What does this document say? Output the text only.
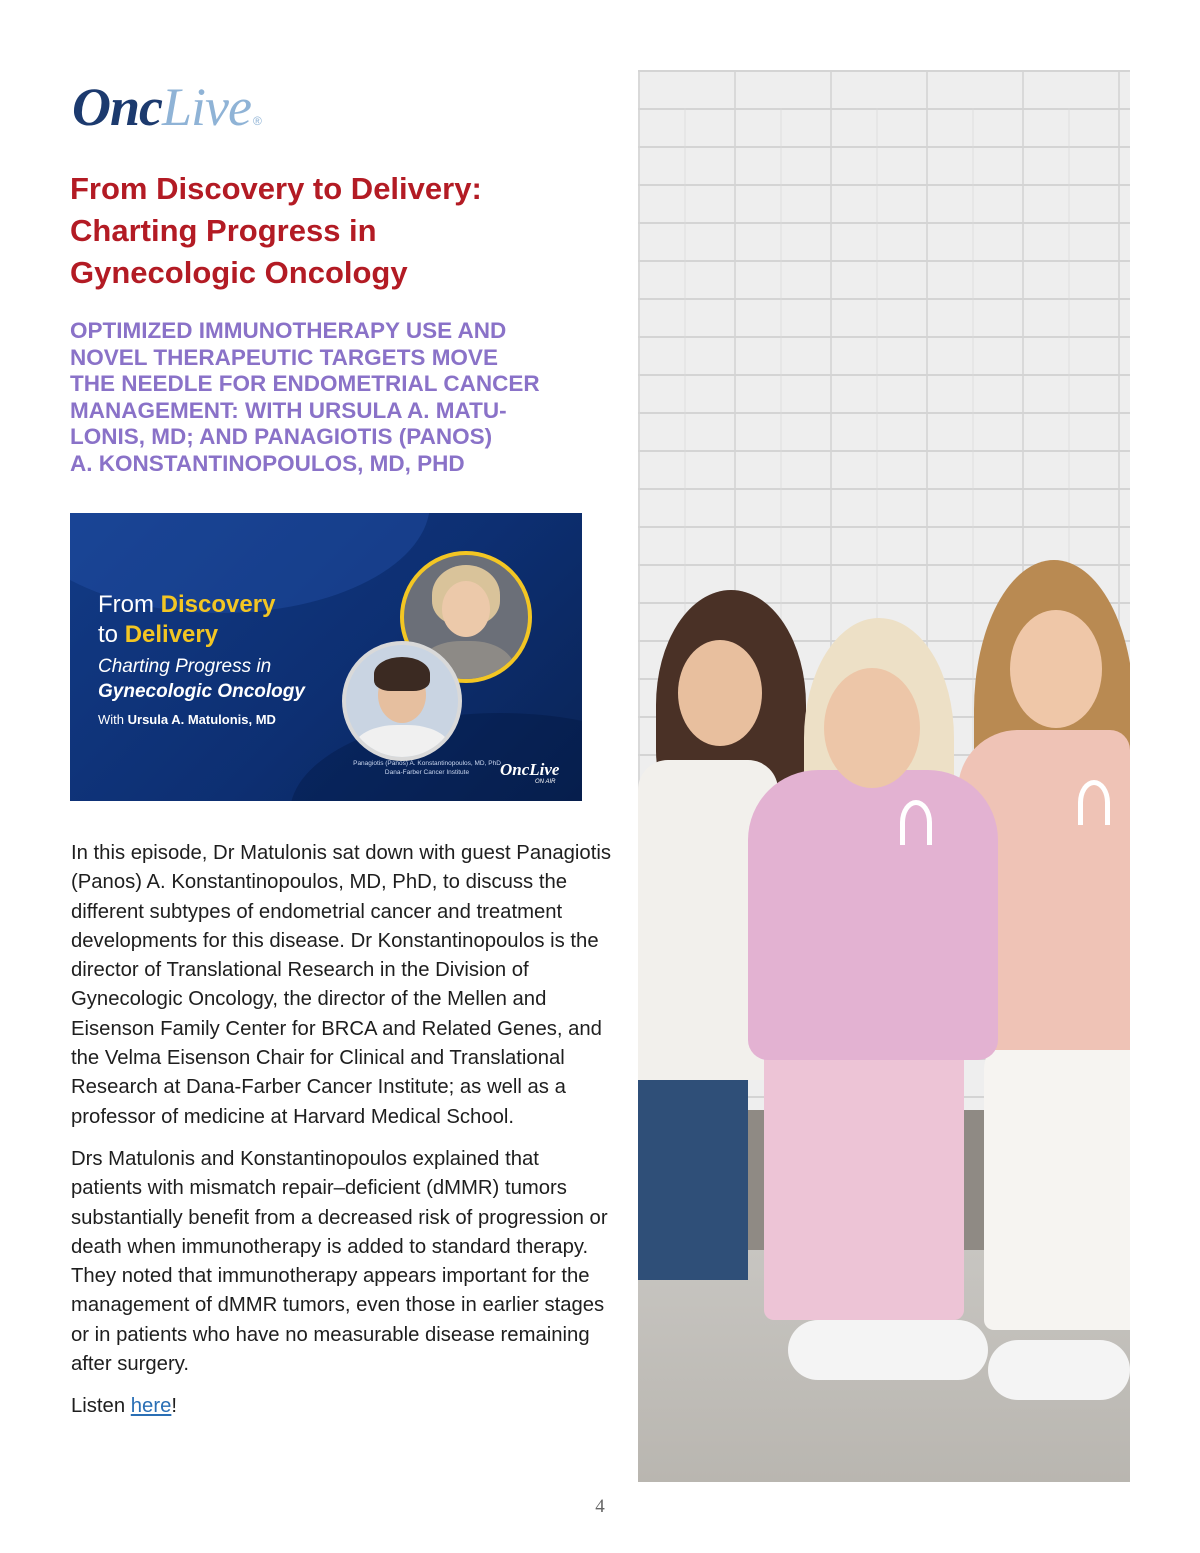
Onc Live ®
From Discovery to Delivery:
Charting Progress in
Gynecologic Oncology
OPTIMIZED IMMUNOTHERAPY USE AND
NOVEL THERAPEUTIC TARGETS MOVE
THE NEEDLE FOR ENDOMETRIAL CANCER
MANAGEMENT: WITH URSULA A. MATU-
LONIS, MD; AND PANAGIOTIS (PANOS)
A. KONSTANTINOPOULOS, MD, PHD
From Discovery
to Delivery
Charting Progress in
Gynecologic Oncology
With Ursula A. Matulonis, MD
Panagiotis (Panos) A. Konstantinopoulos, MD, PhD
Dana-Farber Cancer Institute	OncLive
ON AIR

In this episode, Dr Matulonis sat down with guest Panagiotis (Panos) A. Konstantinopoulos, MD, PhD, to discuss the different subtypes of endometrial cancer and treatment developments for this disease. Dr Konstantinopoulos is the director of Translational Research in the Division of Gynecologic Oncology, the director of the Mellen and Eisenson Family Center for BRCA and Related Genes, and the Velma Eisenson Chair for Clinical and Translational Research at Dana-Farber Cancer Institute; as well as a professor of medicine at Harvard Medical School.

Drs Matulonis and Konstantinopoulos explained that patients with mismatch repair–deficient (dMMR) tumors substantially benefit from a decreased risk of progression or death when immunotherapy is added to standard therapy. They noted that immunotherapy appears important for the management of dMMR tumors, even those in earlier stages or in patients who have no measurable disease remaining after surgery.

Listen here!

4
